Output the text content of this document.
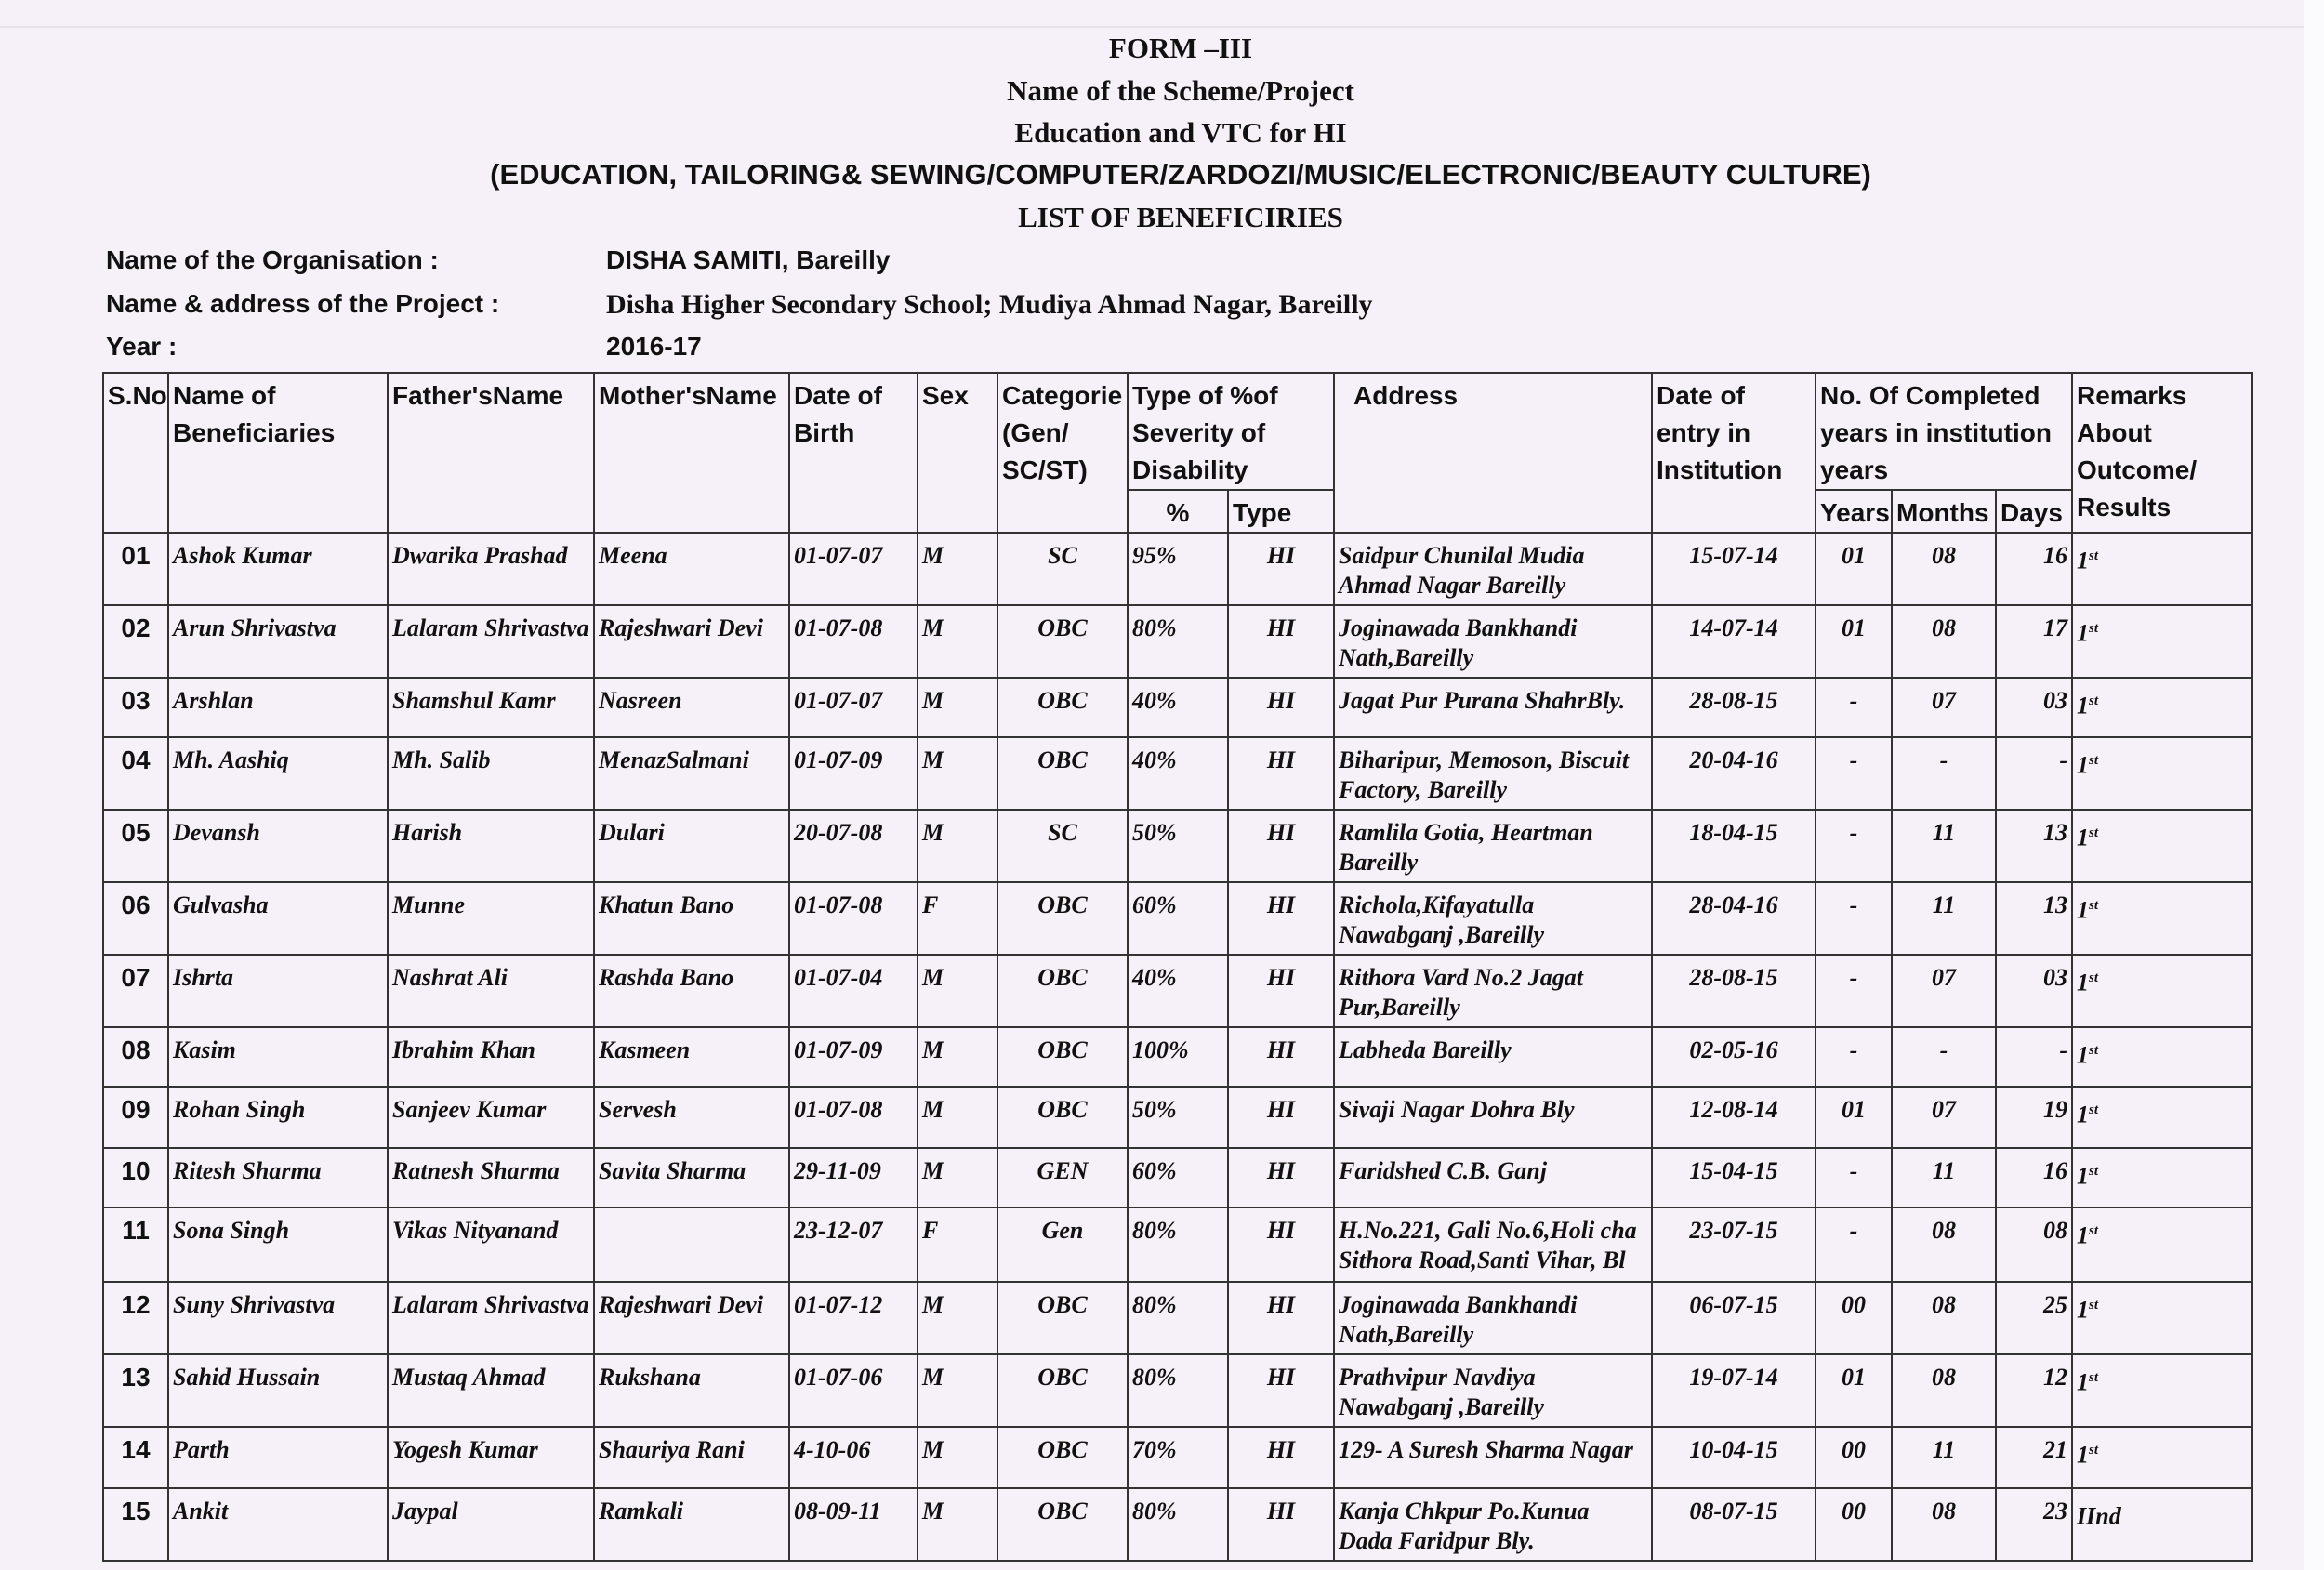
FORM –III
Name of the Scheme/Project
Education and VTC for HI
(EDUCATION, TAILORING& SEWING/COMPUTER/ZARDOZI/MUSIC/ELECTRONIC/BEAUTY CULTURE)
LIST OF BENEFICIRIES
Name of the Organisation :	DISHA SAMITI, Bareilly
Name & address of the Project :	Disha Higher Secondary School; Mudiya Ahmad Nagar, Bareilly
Year :	2016-17
S.No	Name of Beneficiaries	Father'sName	Mother'sName	Date of Birth	Sex	Categorie (Gen/ SC/ST)	Type of %of Severity of Disability		Address	Date of entry in Institution	No. Of Completed years in institution years			Remarks About Outcome/ Results
							%	Type			Years	Months	Days	
01	Ashok Kumar	Dwarika Prashad	Meena	01-07-07	M	SC	95%	HI	Saidpur Chunilal Mudia Ahmad Nagar Bareilly	15-07-14	01	08	16	1st
02	Arun Shrivastva	Lalaram Shrivastva	Rajeshwari Devi	01-07-08	M	OBC	80%	HI	Joginawada Bankhandi Nath,Bareilly	14-07-14	01	08	17	1st
03	Arshlan	Shamshul Kamr	Nasreen	01-07-07	M	OBC	40%	HI	Jagat Pur Purana ShahrBly.	28-08-15	-	07	03	1st
04	Mh. Aashiq	Mh. Salib	MenazSalmani	01-07-09	M	OBC	40%	HI	Biharipur, Memoson, Biscuit Factory, Bareilly	20-04-16	-	-	-	1st
05	Devansh	Harish	Dulari	20-07-08	M	SC	50%	HI	Ramlila Gotia, Heartman Bareilly	18-04-15	-	11	13	1st
06	Gulvasha	Munne	Khatun Bano	01-07-08	F	OBC	60%	HI	Richola,Kifayatulla Nawabganj ,Bareilly	28-04-16	-	11	13	1st
07	Ishrta	Nashrat Ali	Rashda Bano	01-07-04	M	OBC	40%	HI	Rithora Vard No.2 Jagat Pur,Bareilly	28-08-15	-	07	03	1st
08	Kasim	Ibrahim Khan	Kasmeen	01-07-09	M	OBC	100%	HI	Labheda Bareilly	02-05-16	-	-	-	1st
09	Rohan Singh	Sanjeev Kumar	Servesh	01-07-08	M	OBC	50%	HI	Sivaji Nagar Dohra Bly	12-08-14	01	07	19	1st
10	Ritesh Sharma	Ratnesh Sharma	Savita Sharma	29-11-09	M	GEN	60%	HI	Faridshed C.B. Ganj	15-04-15	-	11	16	1st
11	Sona Singh	Vikas Nityanand		23-12-07	F	Gen	80%	HI	H.No.221, Gali No.6,Holi cha Sithora Road,Santi Vihar, Bl	23-07-15	-	08	08	1st
12	Suny Shrivastva	Lalaram Shrivastva	Rajeshwari Devi	01-07-12	M	OBC	80%	HI	Joginawada Bankhandi Nath,Bareilly	06-07-15	00	08	25	1st
13	Sahid Hussain	Mustaq Ahmad	Rukshana	01-07-06	M	OBC	80%	HI	Prathvipur Navdiya Nawabganj ,Bareilly	19-07-14	01	08	12	1st
14	Parth	Yogesh Kumar	Shauriya Rani	4-10-06	M	OBC	70%	HI	129- A Suresh Sharma Nagar	10-04-15	00	11	21	1st
15	Ankit	Jaypal	Ramkali	08-09-11	M	OBC	80%	HI	Kanja Chkpur Po.Kunua Dada Faridpur Bly.	08-07-15	00	08	23	IInd
